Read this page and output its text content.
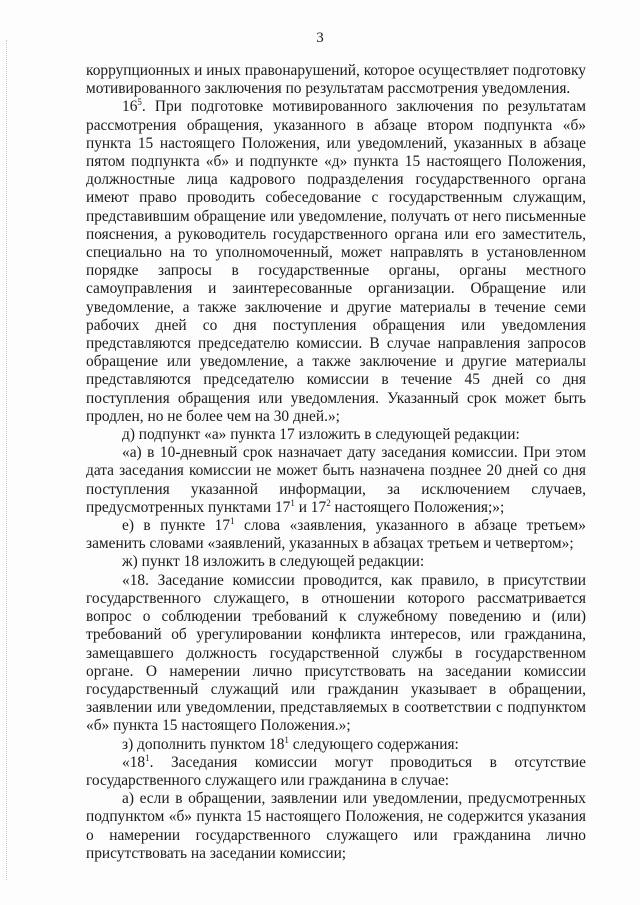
3

коррупционных и иных правонарушений, которое осуществляет подготовку мотивированного заключения по результатам рассмотрения уведомления.

$16^5$. При подготовке мотивированного заключения по результатам рассмотрения обращения, указанного в абзаце втором подпункта «б» пункта 15 настоящего Положения, или уведомлений, указанных в абзаце пятом подпункта «б» и подпункте «д» пункта 15 настоящего Положения, должностные лица кадрового подразделения государственного органа имеют право проводить собеседование с государственным служащим, представившим обращение или уведомление, получать от него письменные пояснения, а руководитель государственного органа или его заместитель, специально на то уполномоченный, может направлять в установленном порядке запросы в государственные органы, органы местного самоуправления и заинтересованные организации. Обращение или уведомление, а также заключение и другие материалы в течение семи рабочих дней со дня поступления обращения или уведомления представляются председателю комиссии. В случае направления запросов обращение или уведомление, а также заключение и другие материалы представляются председателю комиссии в течение 45 дней со дня поступления обращения или уведомления. Указанный срок может быть продлен, но не более чем на 30 дней.»;

д) подпункт «а» пункта 17 изложить в следующей редакции:

«а) в 10-дневный срок назначает дату заседания комиссии. При этом дата заседания комиссии не может быть назначена позднее 20 дней со дня поступления указанной информации, за исключением случаев, предусмотренных пунктами $17^1$ и $17^2$ настоящего Положения;»;

е) в пункте $17^1$ слова «заявления, указанного в абзаце третьем» заменить словами «заявлений, указанных в абзацах третьем и четвертом»;

ж) пункт 18 изложить в следующей редакции:

«18. Заседание комиссии проводится, как правило, в присутствии государственного служащего, в отношении которого рассматривается вопрос о соблюдении требований к служебному поведению и (или) требований об урегулировании конфликта интересов, или гражданина, замещавшего должность государственной службы в государственном органе. О намерении лично присутствовать на заседании комиссии государственный служащий или гражданин указывает в обращении, заявлении или уведомлении, представляемых в соответствии с подпунктом «б» пункта 15 настоящего Положения.»;

з) дополнить пунктом $18^1$ следующего содержания:

«$18^1$. Заседания комиссии могут проводиться в отсутствие государственного служащего или гражданина в случае:

а) если в обращении, заявлении или уведомлении, предусмотренных подпунктом «б» пункта 15 настоящего Положения, не содержится указания о намерении государственного служащего или гражданина лично присутствовать на заседании комиссии;
